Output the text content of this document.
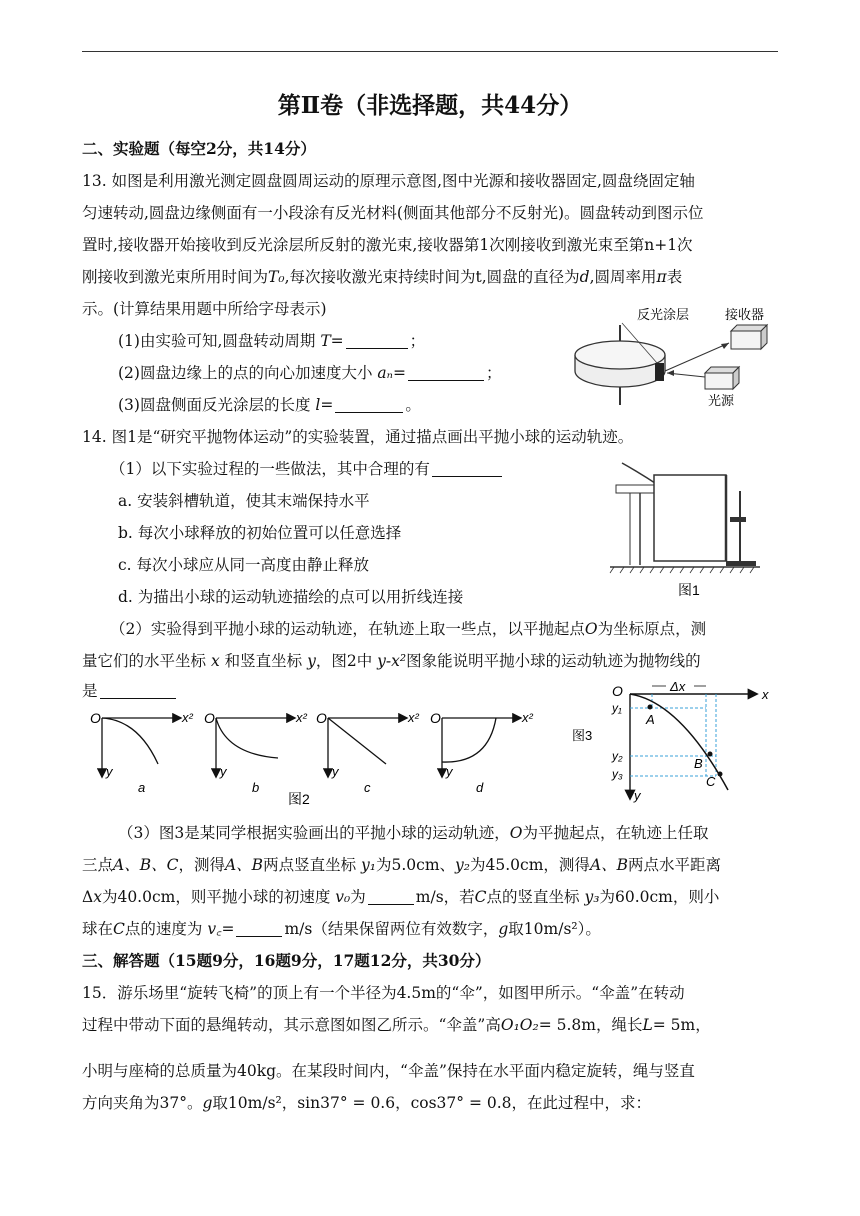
第Ⅱ卷（非选择题，共44分）
二、实验题（每空2分，共14分）
13. 如图是利用激光测定圆盘圆周运动的原理示意图,图中光源和接收器固定,圆盘绕固定轴
匀速转动,圆盘边缘侧面有一小段涂有反光材料(侧面其他部分不反射光)。圆盘转动到图示位
置时,接收器开始接收到反光涂层所反射的激光束,接收器第1次刚接收到激光束至第n+1次
刚接收到激光束所用时间为T₀,每次接收激光束持续时间为t,圆盘的直径为d,圆周率用π表
示。(计算结果用题中所给字母表示)
(1)由实验可知,圆盘转动周期 T=	；
(2)圆盘边缘上的点的向心加速度大小 aₙ=	；
(3)圆盘侧面反光涂层的长度 l=	。
反光涂层	接收器
光源
14. 图1是“研究平抛物体运动”的实验装置，通过描点画出平抛小球的运动轨迹。
（1）以下实验过程的一些做法，其中合理的有
a. 安装斜槽轨道，使其末端保持水平
b. 每次小球释放的初始位置可以任意选择
c. 每次小球应从同一高度由静止释放
d. 为描出小球的运动轨迹描绘的点可以用折线连接	图1
（2）实验得到平抛小球的运动轨迹，在轨迹上取一些点，以平抛起点O为坐标原点，测
量它们的水平坐标 x 和竖直坐标 y，图2中 y-x²图象能说明平抛小球的运动轨迹为抛物线的
是
O	x²
y
a
O	x²
y
b
O	x²
y
c
O	x²
y
d
图2
O	x
y
Δx
A
B
C
y₁
y₂
y₃
图3
（3）图3是某同学根据实验画出的平抛小球的运动轨迹，O为平抛起点，在轨迹上任取
三点A、B、C，测得A、B两点竖直坐标 y₁为5.0cm、y₂为45.0cm，测得A、B两点水平距离
Δx为40.0cm，则平抛小球的初速度 v₀为	m/s，若C点的竖直坐标 y₃为60.0cm，则小
球在C点的速度为 v꜀=	m/s（结果保留两位有效数字，g取10m/s²）。
三、解答题（15题9分，16题9分，17题12分，共30分）
15．游乐场里“旋转飞椅”的顶上有一个半径为4.5m的“伞”，如图甲所示。“伞盖”在转动
过程中带动下面的悬绳转动，其示意图如图乙所示。“伞盖”高O₁O₂= 5.8m，绳长L= 5m，
小明与座椅的总质量为40kg。在某段时间内，“伞盖”保持在水平面内稳定旋转，绳与竖直
方向夹角为37°。g取10m/s²，sin37° = 0.6，cos37° = 0.8，在此过程中，求：
